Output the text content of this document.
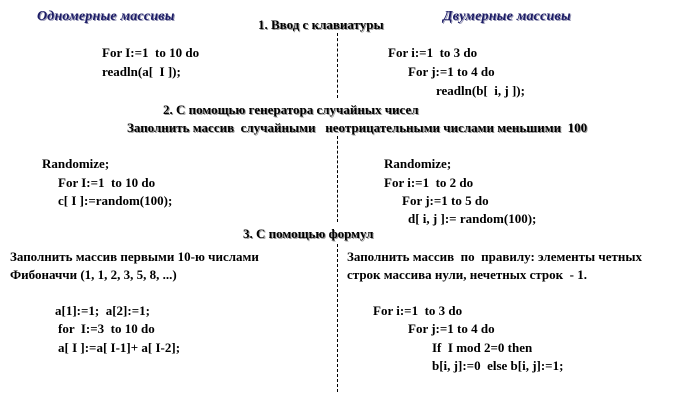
Одномерные массивы	Двумерные массивы
1. Ввод с клавиатуры
For I:=1  to 10 do
readln(a[  I ]);
For i:=1  to 3 do
For j:=1 to 4 do
readln(b[  i, j ]);
2. С помощью генератора случайных чисел
Заполнить массив  случайными   неотрицательными числами меньшими  100
Randomize;
For I:=1  to 10 do
c[ I ]:=random(100);
Randomize;
For i:=1  to 2 do
For j:=1 to 5 do
d[ i, j ]:= random(100);
3. С помощью формул
Заполнить массив первыми 10-ю числами
Фибоначчи (1, 1, 2, 3, 5, 8, ...)
a[1]:=1;  a[2]:=1;
for  I:=3  to 10 do
a[ I ]:=a[ I-1]+ a[ I-2];
Заполнить массив  по  правилу: элементы четных
строк массива нули, нечетных строк  - 1.
For i:=1  to 3 do
For j:=1 to 4 do
If  I mod 2=0 then
b[i, j]:=0  else b[i, j]:=1;
